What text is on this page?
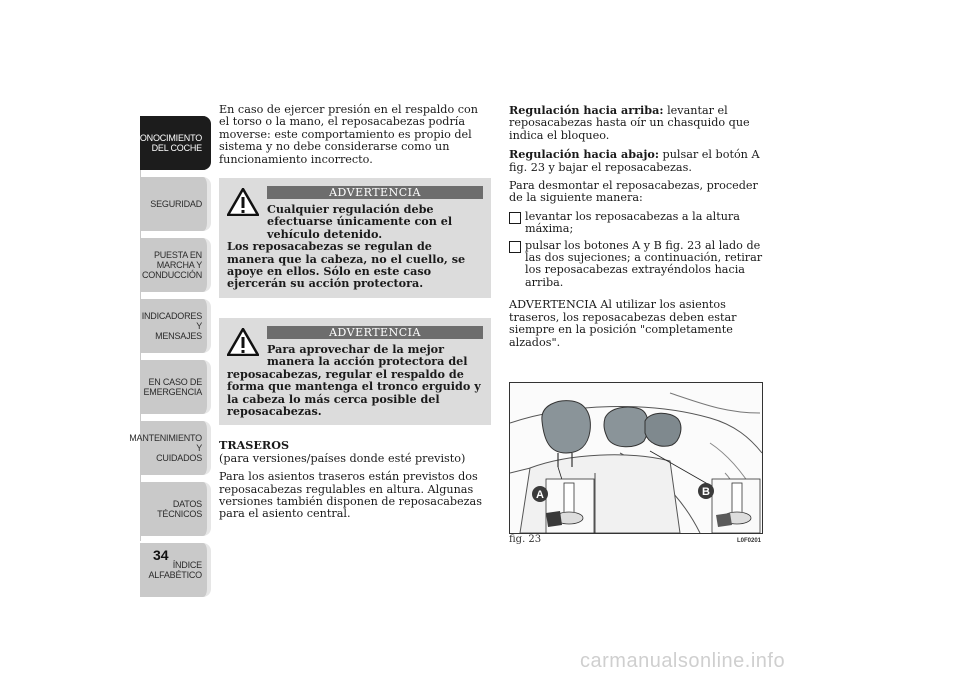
CONOCIMIENTO
DEL COCHE
SEGURIDAD
PUESTA EN
MARCHA Y
CONDUCCIÓN
INDICADORES Y
MENSAJES
EN CASO DE
EMERGENCIA
MANTENIMIENTO Y
CUIDADOS
DATOS TÉCNICOS
ÍNDICE
ALFABÉTICO
34

En caso de ejercer presión en el respaldo con el torso o la mano, el reposacabezas podría moverse: este comportamiento es propio del sistema y no debe considerarse como un funcionamiento incorrecto.

ADVERTENCIA
Cualquier regulación debe efectuarse únicamente con el vehículo detenido.
Los reposacabezas se regulan de manera que la cabeza, no el cuello, se apoye en ellos. Sólo en este caso ejercerán su acción protectora.
ADVERTENCIA
Para aprovechar de la mejor manera la acción protectora del
reposacabezas, regular el respaldo de forma que mantenga el tronco erguido y la cabeza lo más cerca posible del reposacabezas.

TRASEROS

(para versiones/países donde esté previsto)

Para los asientos traseros están previstos dos reposacabezas regulables en altura. Algunas versiones también disponen de reposacabezas para el asiento central.

Regulación hacia arriba: levantar el reposacabezas hasta oír un chasquido que indica el bloqueo.

Regulación hacia abajo: pulsar el botón A fig. 23 y bajar el reposacabezas.

Para desmontar el reposacabezas, proceder de la siguiente manera:

levantar los reposacabezas a la altura máxima;
pulsar los botones A y B fig. 23 al lado de las dos sujeciones; a continuación, retirar los reposacabezas extrayéndolos hacia arriba.

ADVERTENCIA Al utilizar los asientos traseros, los reposacabezas deben estar siempre en la posición "completamente alzados".

A	B
fig. 23	L0F0201
carmanualsonline.info
